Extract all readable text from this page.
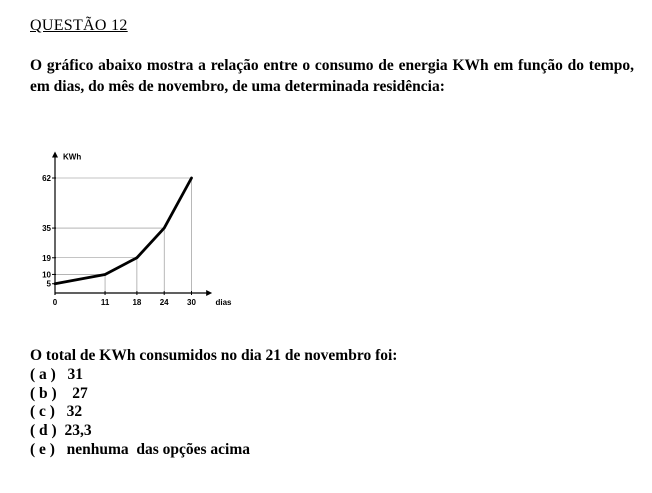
QUESTÃO 12
O gráfico abaixo mostra a relação entre o consumo de energia KWh em função do tempo, em dias, do mês de novembro, de uma determinada residência:
0	11	18 24 30
5
10
19
35
62
dias
KWh
O total de KWh consumidos no dia 21 de novembro foi:
( a )   31
( b )    27
( c )   32
( d )  23,3
( e )   nenhuma  das opções acima
